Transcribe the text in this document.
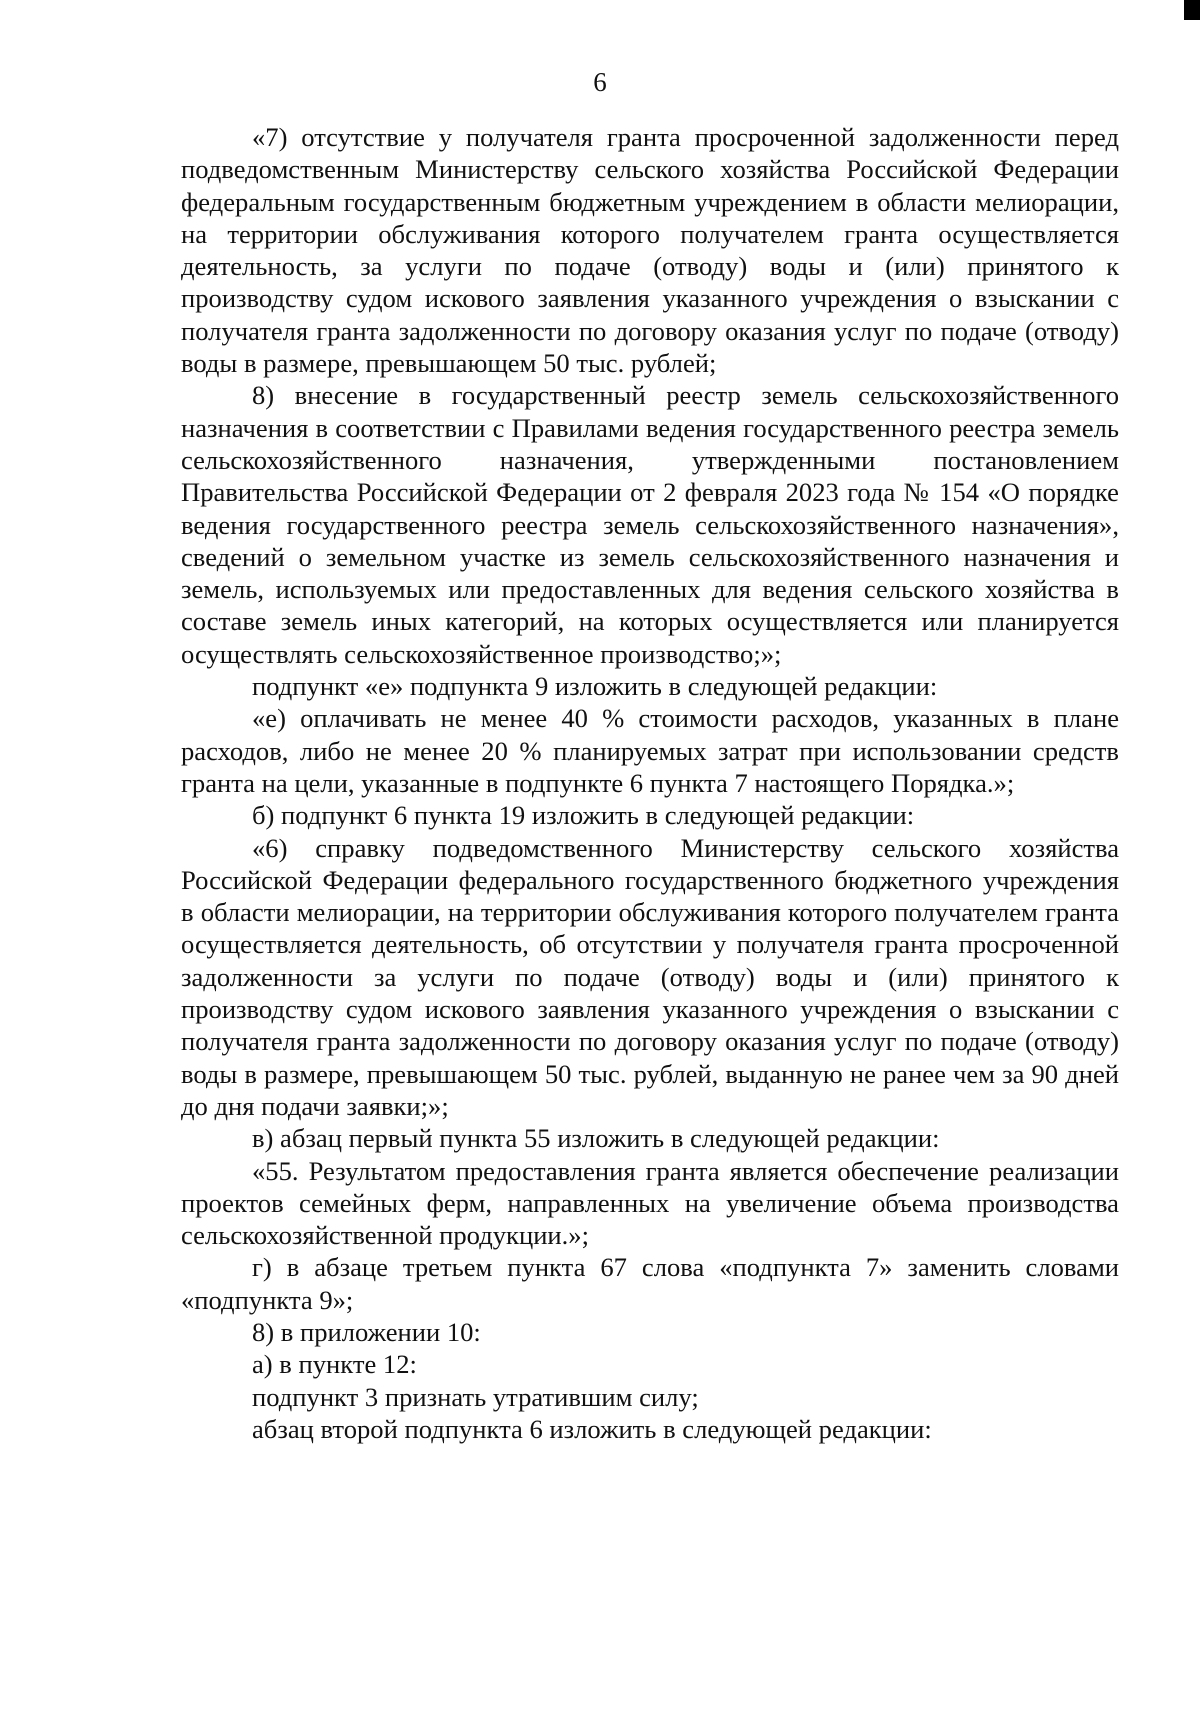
6

«7) отсутствие у получателя гранта просроченной задолженности перед подведомственным Министерству сельского хозяйства Российской Федерации федеральным государственным бюджетным учреждением в области мелиорации, на территории обслуживания которого получателем гранта осуществляется деятельность, за услуги по подаче (отводу) воды и (или) принятого к производству судом искового заявления указанного учреждения о взыскании с получателя гранта задолженности по договору оказания услуг по подаче (отводу) воды в размере, превышающем 50 тыс. рублей;

8) внесение в государственный реестр земель сельскохозяйственного назначения в соответствии с Правилами ведения государственного реестра земель сельскохозяйственного назначения, утвержденными постановлением Правительства Российской Федерации от 2 февраля 2023 года № 154 «О порядке ведения государственного реестра земель сельскохозяйственного назначения», сведений о земельном участке из земель сельскохозяйственного назначения и земель, используемых или предоставленных для ведения сельского хозяйства в составе земель иных категорий, на которых осуществляется или планируется осуществлять сельскохозяйственное производство;»;

подпункт «е» подпункта 9 изложить в следующей редакции:

«е) оплачивать не менее 40 % стоимости расходов, указанных в плане расходов, либо не менее 20 % планируемых затрат при использовании средств гранта на цели, указанные в подпункте 6 пункта 7 настоящего Порядка.»;

б) подпункт 6 пункта 19 изложить в следующей редакции:

«6) справку подведомственного Министерству сельского хозяйства Российской Федерации федерального государственного бюджетного учреждения в области мелиорации, на территории обслуживания которого получателем гранта осуществляется деятельность, об отсутствии у получателя гранта просроченной задолженности за услуги по подаче (отводу) воды и (или) принятого к производству судом искового заявления указанного учреждения о взыскании с получателя гранта задолженности по договору оказания услуг по подаче (отводу) воды в размере, превышающем 50 тыс. рублей, выданную не ранее чем за 90 дней до дня подачи заявки;»;

в) абзац первый пункта 55 изложить в следующей редакции:

«55. Результатом предоставления гранта является обеспечение реализации проектов семейных ферм, направленных на увеличение объема производства сельскохозяйственной продукции.»;

г) в абзаце третьем пункта 67 слова «подпункта 7» заменить словами «подпункта 9»;

8) в приложении 10:

а) в пункте 12:

подпункт 3 признать утратившим силу;

абзац второй подпункта 6 изложить в следующей редакции:
